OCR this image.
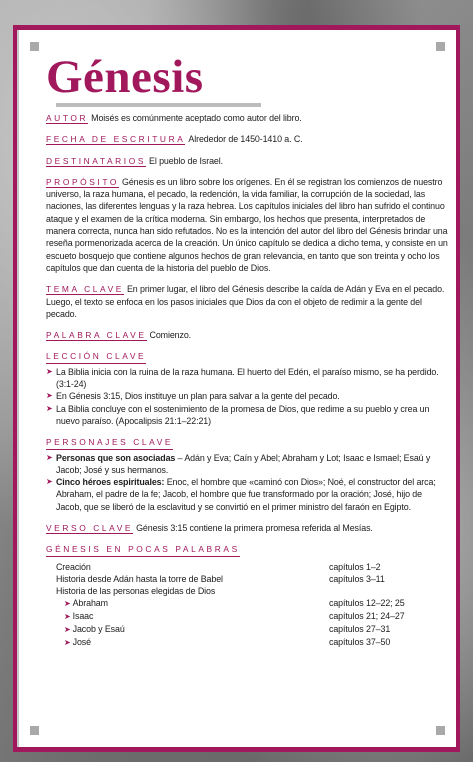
Génesis

AUTOR Moisés es comúnmente aceptado como autor del libro.

FECHA DE ESCRITURA Alrededor de 1450-1410 a. C.

DESTINATARIOS El pueblo de Israel.

PROPÓSITO Génesis es un libro sobre los orígenes. En él se registran los comienzos de nuestro universo, la raza humana, el pecado, la redención, la vida familiar, la corrupción de la sociedad, las naciones, las diferentes lenguas y la raza hebrea. Los capítulos iniciales del libro han sufrido el continuo ataque y el examen de la crítica moderna. Sin embargo, los hechos que presenta, interpretados de manera correcta, nunca han sido refutados. No es la intención del autor del libro del Génesis brindar una reseña pormenorizada acerca de la creación. Un único capítulo se dedica a dicho tema, y consiste en un escueto bosquejo que contiene algunos hechos de gran relevancia, en tanto que son treinta y ocho los capítulos que dan cuenta de la historia del pueblo de Dios.

TEMA CLAVE En primer lugar, el libro del Génesis describe la caída de Adán y Eva en el pecado. Luego, el texto se enfoca en los pasos iniciales que Dios da con el objeto de redimir a la gente del pecado.

PALABRA CLAVE Comienzo.

LECCIÓN CLAVE
➤ La Biblia inicia con la ruina de la raza humana. El huerto del Edén, el paraíso mismo, se ha perdido. (3:1-24)
➤ En Génesis 3:15, Dios instituye un plan para salvar a la gente del pecado.
➤ La Biblia concluye con el sostenimiento de la promesa de Dios, que redime a su pueblo y crea un nuevo paraíso. (Apocalipsis 21:1–22:21)
PERSONAJES CLAVE
➤ Personas que son asociadas – Adán y Eva; Caín y Abel; Abraham y Lot; Isaac e Ismael; Esaú y Jacob; José y sus hermanos.
➤ Cinco héroes espirituales: Enoc, el hombre que «caminó con Dios»; Noé, el constructor del arca; Abraham, el padre de la fe; Jacob, el hombre que fue transformado por la oración; José, hijo de Jacob, que se liberó de la esclavitud y se convirtió en el primer ministro del faraón en Egipto.

VERSO CLAVE Génesis 3:15 contiene la primera promesa referida al Mesías.

GÉNESIS EN POCAS PALABRAS
Creación	capítulos 1–2
Historia desde Adán hasta la torre de Babel	capítulos 3–11
Historia de las personas elegidas de Dios	
➤ Abraham	capítulos 12–22; 25
➤ Isaac	capítulos 21; 24–27
➤ Jacob y Esaú	capítulos 27–31
➤ José	capítulos 37–50
